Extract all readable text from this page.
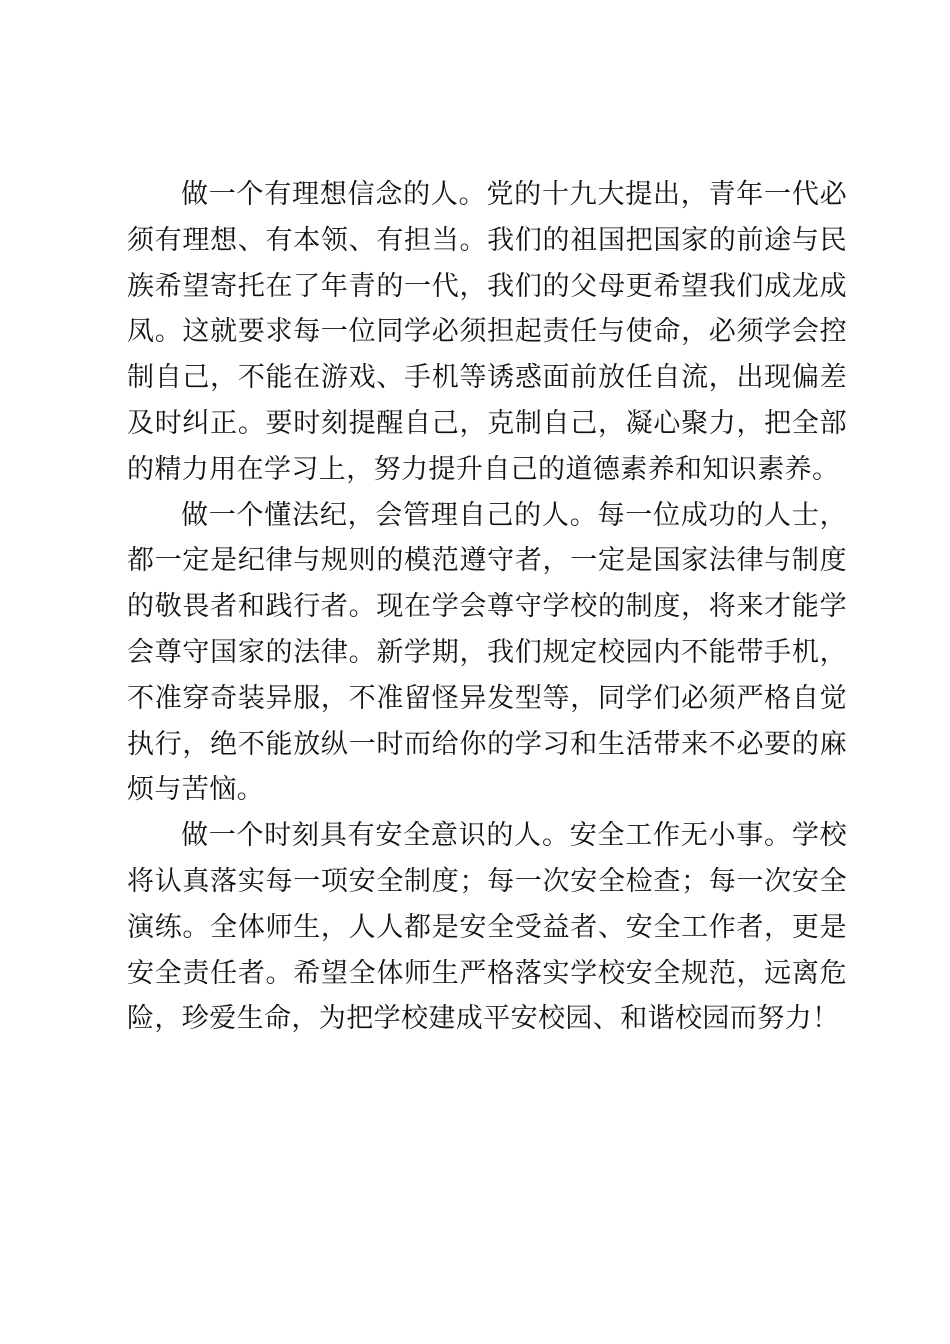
做一个有理想信念的人。党的十九大提出，青年一代必须有理想、有本领、有担当。我们的祖国把国家的前途与民族希望寄托在了年青的一代，我们的父母更希望我们成龙成凤。这就要求每一位同学必须担起责任与使命，必须学会控制自己，不能在游戏、手机等诱惑面前放任自流，出现偏差及时纠正。要时刻提醒自己，克制自己，凝心聚力，把全部的精力用在学习上，努力提升自己的道德素养和知识素养。

做一个懂法纪，会管理自己的人。每一位成功的人士，都一定是纪律与规则的模范遵守者，一定是国家法律与制度的敬畏者和践行者。现在学会尊守学校的制度，将来才能学会尊守国家的法律。新学期，我们规定校园内不能带手机，不准穿奇装异服，不准留怪异发型等，同学们必须严格自觉执行，绝不能放纵一时而给你的学习和生活带来不必要的麻烦与苦恼。

做一个时刻具有安全意识的人。安全工作无小事。学校将认真落实每一项安全制度；每一次安全检查；每一次安全演练。全体师生，人人都是安全受益者、安全工作者，更是安全责任者。希望全体师生严格落实学校安全规范，远离危险，珍爱生命，为把学校建成平安校园、和谐校园而努力！
